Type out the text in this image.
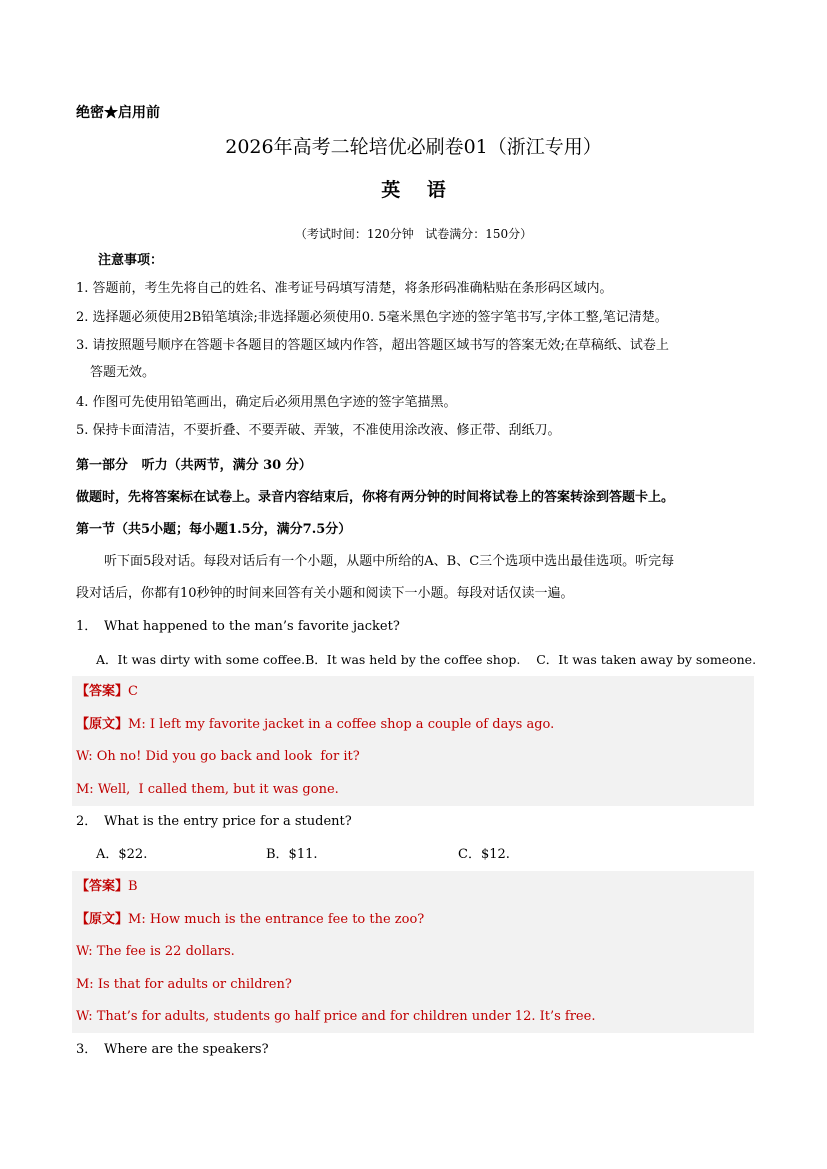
绝密★启用前
2026年高考二轮培优必刷卷01（浙江专用）
英    语
（考试时间：120分钟   试卷满分：150分）
注意事项：
1. 答题前，考生先将自己的姓名、准考证号码填写清楚，将条形码准确粘贴在条形码区域内。
2. 选择题必须使用2B铅笔填涂;非选择题必须使用0. 5毫米黑色字迹的签字笔书写,字体工整,笔记清楚。
3. 请按照题号顺序在答题卡各题目的答题区域内作答，超出答题区域书写的答案无效;在草稿纸、试卷上
答题无效。
4. 作图可先使用铅笔画出，确定后必须用黑色字迹的签字笔描黑。
5. 保持卡面清洁，不要折叠、不要弄破、弄皱，不准使用涂改液、修正带、刮纸刀。
第一部分   听力（共两节，满分 30 分）
做题时，先将答案标在试卷上。录音内容结束后，你将有两分钟的时间将试卷上的答案转涂到答题卡上。
第一节（共5小题；每小题1.5分，满分7.5分）
听下面5段对话。每段对话后有一个小题，从题中所给的A、B、C三个选项中选出最佳选项。听完每
段对话后，你都有10秒钟的时间来回答有关小题和阅读下一小题。每段对话仅读一遍。
1． What happened to the man’s favorite jacket?
A．It was dirty with some coffee.B．It was held by the coffee shop.    C．It was taken away by someone.
【答案】C
【原文】M: I left my favorite jacket in a coffee shop a couple of days ago.
W: Oh no! Did you go back and look  for it?
M: Well,  I called them, but it was gone.
2． What is the entry price for a student?
A．$22.	B．$11.	C．$12.
【答案】B
【原文】M: How much is the entrance fee to the zoo?
W: The fee is 22 dollars.
M: Is that for adults or children?
W: That’s for adults, students go half price and for children under 12. It’s free.
3． Where are the speakers?
